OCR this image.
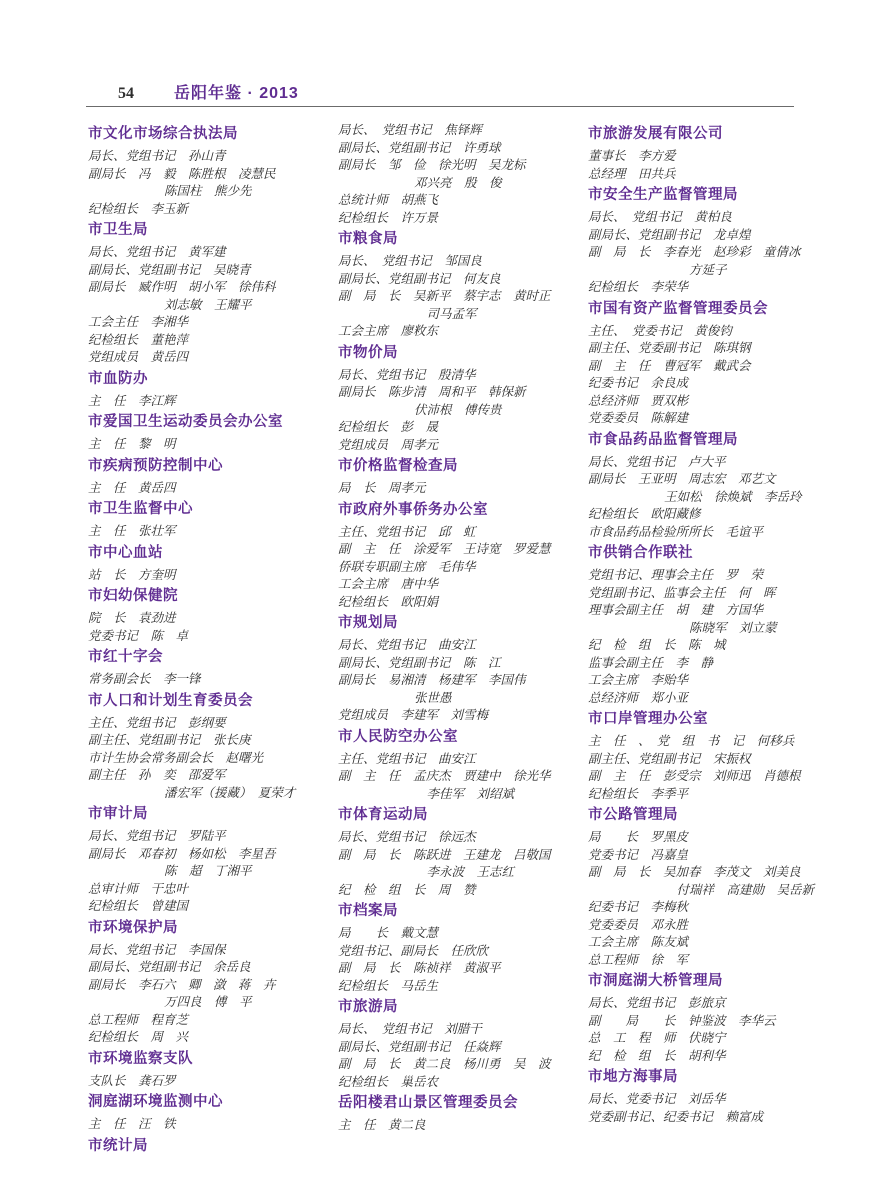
54	岳阳年鉴 · 2013
市文化市场综合执法局
局长、党组书记　孙山青
副局长　冯　毅　陈胜根　凌慧民
陈国柱　熊少先
纪检组长　李玉新
市卫生局
局长、党组书记　黄军建
副局长、党组副书记　吴晓青
副局长　臧作明　胡小军　徐伟科
刘志敏　王耀平
工会主任　李湘华
纪检组长　董艳萍
党组成员　黄岳四
市血防办
主　任　李江辉
市爱国卫生运动委员会办公室
主　任　黎　明
市疾病预防控制中心
主　任　黄岳四
市卫生监督中心
主　任　张壮军
市中心血站
站　长　方奎明
市妇幼保健院
院　长　袁劲进
党委书记　陈　卓
市红十字会
常务副会长　李一锋
市人口和计划生育委员会
主任、党组书记　彭纲要
副主任、党组副书记　张长庚
市计生协会常务副会长　赵曙光
副主任　孙　奕　邵爱军
潘宏军（援藏）　夏荣才
市审计局
局长、党组书记　罗陆平
副局长　邓春初　杨如松　李星吾
陈　超　丁湘平
总审计师　干忠叶
纪检组长　曾建国
市环境保护局
局长、党组书记　李国保
副局长、党组副书记　余岳良
副局长　李石六　卿　潋　蒋　卉
万四良　傅　平
总工程师　程育芝
纪检组长　周　兴
市环境监察支队
支队长　龚石罗
洞庭湖环境监测中心
主　任　汪　铁
市统计局
局长、　党组书记　焦铎辉
副局长、党组副书记　许勇球
副局长　邹　俭　徐光明　吴龙标
邓兴亮　殷　俊
总统计师　胡燕飞
纪检组长　许万景
市粮食局
局长、　党组书记　邹国良
副局长、党组副书记　何友良
副　局　长　吴新平　蔡宇志　黄时正
　司马孟军
工会主席　廖敉东
市物价局
局长、党组书记　殷清华
副局长　陈步清　周和平　韩保新
伏沛根　傅传贵
纪检组长　彭　晟
党组成员　周孝元
市价格监督检查局
局　长　周孝元
市政府外事侨务办公室
主任、党组书记　邱　虹
副　主　任　涂爱军　王诗宽　罗爱慧
侨联专职副主席　毛伟华
工会主席　唐中华
纪检组长　欧阳娟
市规划局
局长、党组书记　曲安江
副局长、党组副书记　陈　江
副局长　易湘清　杨建军　李国伟
张世愚
党组成员　李建军　刘雪梅
市人民防空办公室
主任、党组书记　曲安江
副　主　任　孟庆杰　贾建中　徐光华
　李佳军　刘绍斌
市体育运动局
局长、党组书记　徐远杰
副　局　长　陈跃进　王建龙　吕敬国
　李永波　王志红
纪　检　组　长　周　赞
市档案局
局　　长　戴文慧
党组书记、副局长　任欣欣
副　局　长　陈祯祥　黄淑平
纪检组长　马岳生
市旅游局
局长、　党组书记　刘腊干
副局长、党组副书记　任焱辉
副　局　长　黄二良　杨川勇　吴　波
纪检组长　巢岳农
岳阳楼君山景区管理委员会
主　任　黄二良
市旅游发展有限公司
董事长　李方爱
总经理　田共兵
市安全生产监督管理局
局长、　党组书记　黄柏良
副局长、党组副书记　龙卓煌
副　局　长　李春光　赵珍彩　童倩冰
　　方延子
纪检组长　李荣华
市国有资产监督管理委员会
主任、　党委书记　黄俊钧
副主任、党委副书记　陈琪钢
副　主　任　曹冠军　戴武会
纪委书记　余良成
总经济师　贾双彬
党委委员　陈解建
市食品药品监督管理局
局长、党组书记　卢大平
副局长　王亚明　周志宏　邓艺文
王如松　徐焕斌　李岳玲
纪检组长　欧阳藏修
市食品药品检验所所长　毛谊平
市供销合作联社
党组书记、理事会主任　罗　荣
党组副书记、监事会主任　何　晖
理事会副主任　胡　建　方国华
　　陈晓军　刘立蒙
纪　检　组　长　陈　城
监事会副主任　李　静
工会主席　李贻华
总经济师　郑小亚
市口岸管理办公室
主　任　、　党　组　书　记　何移兵
副主任、党组副书记　宋振权
副　主　任　彭受宗　刘师迅　肖德根
纪检组长　李季平
市公路管理局
局　　长　罗黑皮
党委书记　冯嘉皇
副　局　长　吴加春　李茂文　刘美良
　付瑞祥　高建勋　吴岳新
纪委书记　李梅秋
党委委员　邓永胜
工会主席　陈友斌
总工程师　徐　军
市洞庭湖大桥管理局
局长、党组书记　彭旅京
副　　局　　长　钟鉴波　李华云
总　工　程　师　伏晓宁
纪　检　组　长　胡利华
市地方海事局
局长、党委书记　刘岳华
党委副书记、纪委书记　赖富成
